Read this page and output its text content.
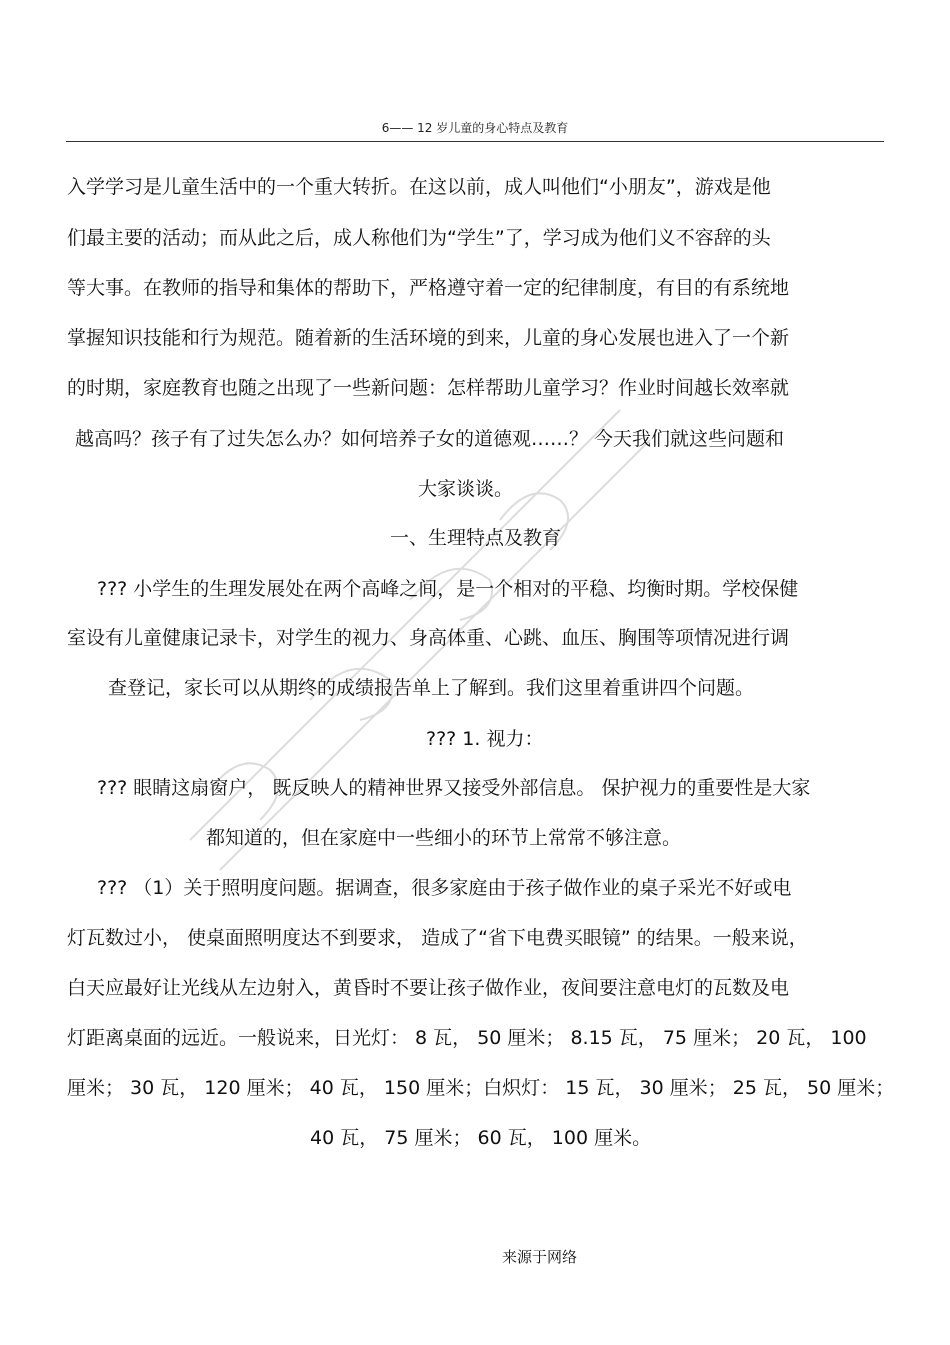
6—— 12 岁儿童的身心特点及教育
入学学习是儿童生活中的一个重大转折。在这以前，成人叫他们“小朋友”，游戏是他
们最主要的活动；而从此之后，成人称他们为“学生”了，学习成为他们义不容辞的头
等大事。在教师的指导和集体的帮助下，严格遵守着一定的纪律制度，有目的有系统地
掌握知识技能和行为规范。随着新的生活环境的到来，儿童的身心发展也进入了一个新
的时期，家庭教育也随之出现了一些新问题：怎样帮助儿童学习？作业时间越长效率就
越高吗？孩子有了过失怎么办？如何培养子女的道德观……？ 今天我们就这些问题和
大家谈谈。
一、生理特点及教育
??? 小学生的生理发展处在两个高峰之间，是一个相对的平稳、均衡时期。学校保健
室设有儿童健康记录卡，对学生的视力、身高体重、心跳、血压、胸围等项情况进行调
查登记，家长可以从期终的成绩报告单上了解到。我们这里着重讲四个问题。
??? 1. 视力：
??? 眼睛这扇窗户， 既反映人的精神世界又接受外部信息。 保护视力的重要性是大家
都知道的，但在家庭中一些细小的环节上常常不够注意。
??? （1）关于照明度问题。据调查，很多家庭由于孩子做作业的桌子采光不好或电
灯瓦数过小， 使桌面照明度达不到要求， 造成了“省下电费买眼镜” 的结果。一般来说，
白天应最好让光线从左边射入，黄昏时不要让孩子做作业，夜间要注意电灯的瓦数及电
灯距离桌面的远近。一般说来，日光灯： 8 瓦， 50 厘米； 8.15 瓦， 75 厘米； 20 瓦， 100
厘米； 30 瓦， 120 厘米； 40 瓦， 150 厘米；白炽灯： 15 瓦， 30 厘米； 25 瓦， 50 厘米；
40 瓦， 75 厘米； 60 瓦， 100 厘米。
来源于网络
